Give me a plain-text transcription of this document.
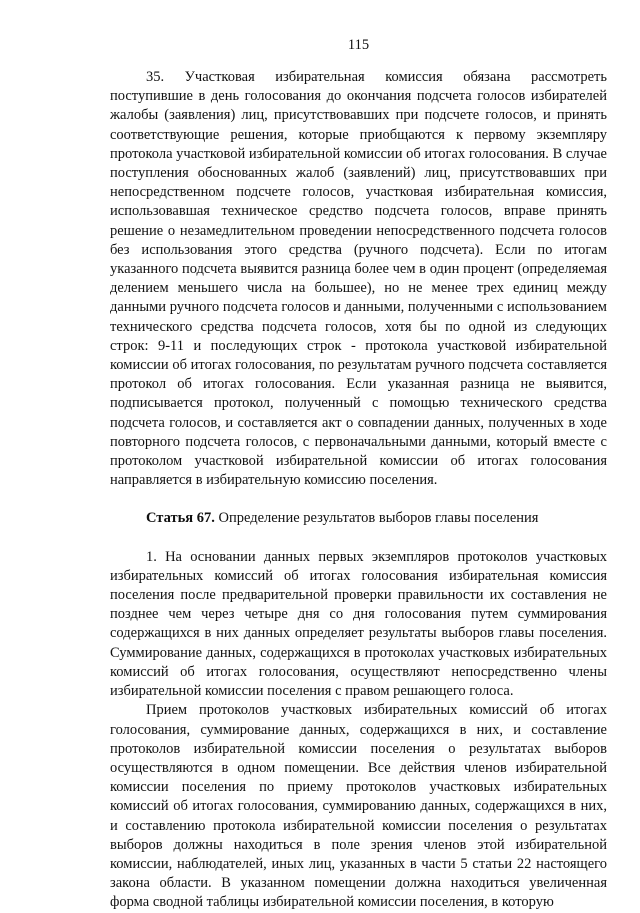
115

35. Участковая избирательная комиссия обязана рассмотреть поступившие в день голосования до окончания подсчета голосов избирателей жалобы (заявления) лиц, присутствовавших при подсчете голосов, и принять соответствующие решения, которые приобщаются к первому экземпляру протокола участковой избирательной комиссии об итогах голосования. В случае поступления обоснованных жалоб (заявлений) лиц, присутствовавших при непосредственном подсчете голосов, участковая избирательная комиссия, использовавшая техническое средство подсчета голосов, вправе принять решение о незамедлительном проведении непосредственного подсчета голосов без использования этого средства (ручного подсчета). Если по итогам указанного подсчета выявится разница более чем в один процент (определяемая делением меньшего числа на большее), но не менее трех единиц между данными ручного подсчета голосов и данными, полученными с использованием технического средства подсчета голосов, хотя бы по одной из следующих строк: 9-11 и последующих строк - протокола участковой избирательной комиссии об итогах голосования, по результатам ручного подсчета составляется протокол об итогах голосования. Если указанная разница не выявится, подписывается протокол, полученный с помощью технического средства подсчета голосов, и составляется акт о совпадении данных, полученных в ходе повторного подсчета голосов, с первоначальными данными, который вместе с протоколом участковой избирательной комиссии об итогах голосования направляется в избирательную комиссию поселения.

Статья 67. Определение результатов выборов главы поселения

1. На основании данных первых экземпляров протоколов участковых избирательных комиссий об итогах голосования избирательная комиссия поселения после предварительной проверки правильности их составления не позднее чем через четыре дня со дня голосования путем суммирования содержащихся в них данных определяет результаты выборов главы поселения. Суммирование данных, содержащихся в протоколах участковых избирательных комиссий об итогах голосования, осуществляют непосредственно члены избирательной комиссии поселения с правом решающего голоса.

Прием протоколов участковых избирательных комиссий об итогах голосования, суммирование данных, содержащихся в них, и составление протоколов избирательной комиссии поселения о результатах выборов осуществляются в одном помещении. Все действия членов избирательной комиссии поселения по приему протоколов участковых избирательных комиссий об итогах голосования, суммированию данных, содержащихся в них, и составлению протокола избирательной комиссии поселения о результатах выборов должны находиться в поле зрения членов этой избирательной комиссии, наблюдателей, иных лиц, указанных в части 5 статьи 22 настоящего закона области. В указанном помещении должна находиться увеличенная форма сводной таблицы избирательной комиссии поселения, в которую
